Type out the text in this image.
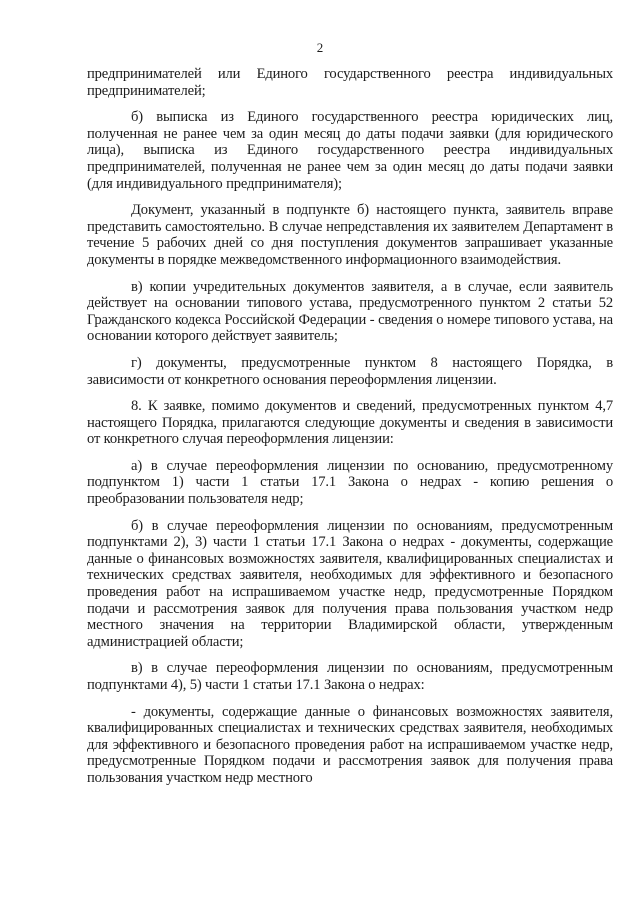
2

предпринимателей или Единого государственного реестра индивидуальных предпринимателей;

б) выписка из Единого государственного реестра юридических лиц, полученная не ранее чем за один месяц до даты подачи заявки (для юридического лица), выписка из Единого государственного реестра индивидуальных предпринимателей, полученная не ранее чем за один месяц до даты подачи заявки (для индивидуального предпринимателя);

Документ, указанный в подпункте б) настоящего пункта, заявитель вправе представить самостоятельно. В случае непредставления их заявителем Департамент в течение 5 рабочих дней со дня поступления документов запрашивает указанные документы в порядке межведомственного информационного взаимодействия.

в) копии учредительных документов заявителя, а в случае, если заявитель действует на основании типового устава, предусмотренного пунктом 2 статьи 52 Гражданского кодекса Российской Федерации - сведения о номере типового устава, на основании которого действует заявитель;

г) документы, предусмотренные пунктом 8 настоящего Порядка, в зависимости от конкретного основания переоформления лицензии.

8. К заявке, помимо документов и сведений, предусмотренных пунктом 4,7 настоящего Порядка, прилагаются следующие документы и сведения в зависимости от конкретного случая переоформления лицензии:

а) в случае переоформления лицензии по основанию, предусмотренному подпунктом 1) части 1 статьи 17.1 Закона о недрах - копию решения о преобразовании пользователя недр;

б) в случае переоформления лицензии по основаниям, предусмотренным подпунктами 2), 3) части 1 статьи 17.1 Закона о недрах - документы, содержащие данные о финансовых возможностях заявителя, квалифицированных специалистах и технических средствах заявителя, необходимых для эффективного и безопасного проведения работ на испрашиваемом участке недр, предусмотренные Порядком подачи и рассмотрения заявок для получения права пользования участком недр местного значения на территории Владимирской области, утвержденным администрацией области;

в) в случае переоформления лицензии по основаниям, предусмотренным подпунктами 4), 5) части 1 статьи 17.1 Закона о недрах:

- документы, содержащие данные о финансовых возможностях заявителя, квалифицированных специалистах и технических средствах заявителя, необходимых для эффективного и безопасного проведения работ на испрашиваемом участке недр, предусмотренные Порядком подачи и рассмотрения заявок для получения права пользования участком недр местного
